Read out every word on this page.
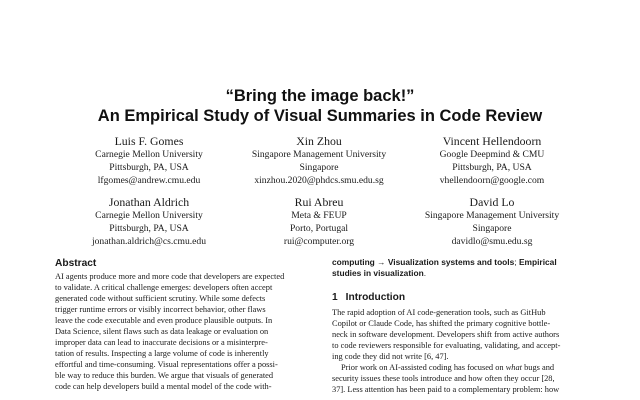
“Bring the image back!”
An Empirical Study of Visual Summaries in Code Review
Luis F. Gomes
Carnegie Mellon University
Pittsburgh, PA, USA
lfgomes@andrew.cmu.edu
Xin Zhou
Singapore Management University
Singapore
xinzhou.2020@phdcs.smu.edu.sg
Vincent Hellendoorn
Google Deepmind & CMU
Pittsburgh, PA, USA
vhellendoorn@google.com
Jonathan Aldrich
Carnegie Mellon University
Pittsburgh, PA, USA
jonathan.aldrich@cs.cmu.edu
Rui Abreu
Meta & FEUP
Porto, Portugal
rui@computer.org
David Lo
Singapore Management University
Singapore
davidlo@smu.edu.sg
Abstract
AI agents produce more and more code that developers are expected
to validate. A critical challenge emerges: developers often accept
generated code without sufficient scrutiny. While some defects
trigger runtime errors or visibly incorrect behavior, other flaws
leave the code executable and even produce plausible outputs. In
Data Science, silent flaws such as data leakage or evaluation on
improper data can lead to inaccurate decisions or a misinterpre-
tation of results. Inspecting a large volume of code is inherently
effortful and time-consuming. Visual representations offer a possi-
ble way to reduce this burden. We argue that visuals of generated
code can help developers build a mental model of the code with-
computing → Visualization systems and tools; Empirical
studies in visualization.
1 Introduction
The rapid adoption of AI code-generation tools, such as GitHub
Copilot or Claude Code, has shifted the primary cognitive bottle-
neck in software development. Developers shift from active authors
to code reviewers responsible for evaluating, validating, and accept-
ing code they did not write [6, 47].
Prior work on AI-assisted coding has focused on what bugs and
security issues these tools introduce and how often they occur [28,
37]. Less attention has been paid to a complementary problem: how
